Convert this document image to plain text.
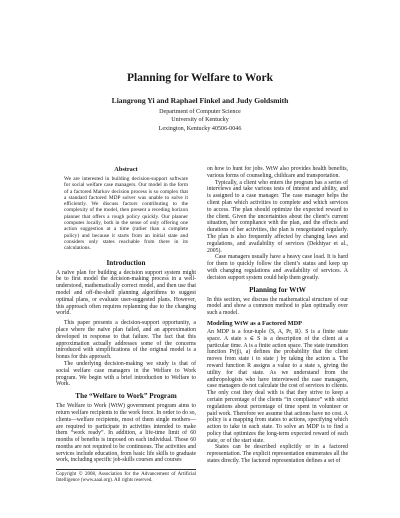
Planning for Welfare to Work
Liangrong Yi and Raphael Finkel and Judy Goldsmith
Department of Computer Science
University of Kentucky
Lexington, Kentucky 40506-0046
Abstract

We are interested in building decision-support software for social welfare case managers. Our model in the form of a factored Markov decision process is so complex that a standard factored MDP solver was unable to solve it efficiently. We discuss factors contributing to the complexity of the model, then present a receding horizon planner that offers a rough policy quickly. Our planner computes locally, both in the sense of only offering one action suggestion at a time (rather than a complete policy) and because it starts from an initial state and considers only states reachable from there in its calculations.

Introduction

A naïve plan for building a decision support system might be to first model the decision-making process in a well-understood, mathematically correct model, and then use that model and off-the-shelf planning algorithms to suggest optimal plans, or evaluate user-suggested plans. However, this approach often requires replanning due to the changing world.

This paper presents a decision-support opportunity, a place where the naïve plan failed, and an approximation developed in response to that failure. The fact that this approximation actually addresses some of the concerns introduced with simplifications of the original model is a bonus for this approach.

The underlying decision-making we study is that of social welfare case managers in the Welfare to Work program. We begin with a brief introduction to Welfare to Work.

The “Welfare to Work” Program

The Welfare to Work (WtW) government program aims to return welfare recipients to the work force. In order to do so, clients—welfare recipients, most of them single mothers—are required to participate in activities intended to make them “work ready”. In addition, a life-time limit of 60 months of benefits is imposed on each individual. Those 60 months are not required to be continuous. The activities and services include education, from basic life skills to graduate work, including specific job-skills courses and courses

Copyright © 2008, Association for the Advancement of Artificial Intelligence (www.aaai.org). All rights reserved.

on how to hunt for jobs. WtW also provides health benefits, various forms of counseling, childcare and transportation.

Typically, a client who enters the program has a series of interviews and take various tests of interest and ability, and is assigned to a case manager. The case manager helps the client plan which activities to complete and which services to access. The plan should optimize the expected reward to the client. Given the uncertainties about the client’s current situation, her compliance with the plan, and the effects and durations of her activities, the plan is renegotiated regularly. The plan is also frequently affected by changing laws and regulations, and availability of services (Dekhtyar et al., 2005).

Case managers usually have a heavy case load. It is hard for them to quickly follow the client’s status and keep up with changing regulations and availability of services. A decision support system could help them greatly.

Planning for WtW

In this section, we discuss the mathematical structure of our model and show a common method to plan optimally over such a model.

Modeling WtW as a Factored MDP

An MDP is a four-tuple ⟨S, A, Pr, R⟩. S is a finite state space. A state s ∈ S is a description of the client at a particular time. A is a finite action space. The state transition function Pr(j|i, a) defines the probability that the client moves from state i to state j by taking the action a. The reward function R assigns a value to a state s, giving the utility for that state. As we understand from the anthropologists who have interviewed the case managers, case managers do not calculate the cost of services to clients. The only cost they deal with is that they strive to keep a certain percentage of the clients “in compliance” with strict regulations about percentage of time spent in volunteer or paid work. Therefore we assume that actions have no cost. A policy is a mapping from states to actions, specifying which action to take in each state. To solve an MDP is to find a policy that optimizes the long-term expected reward of each state, or of the start state.

States can be described explicitly or in a factored representation. The explicit representation enumerates all the states directly. The factored representation defines a set of
